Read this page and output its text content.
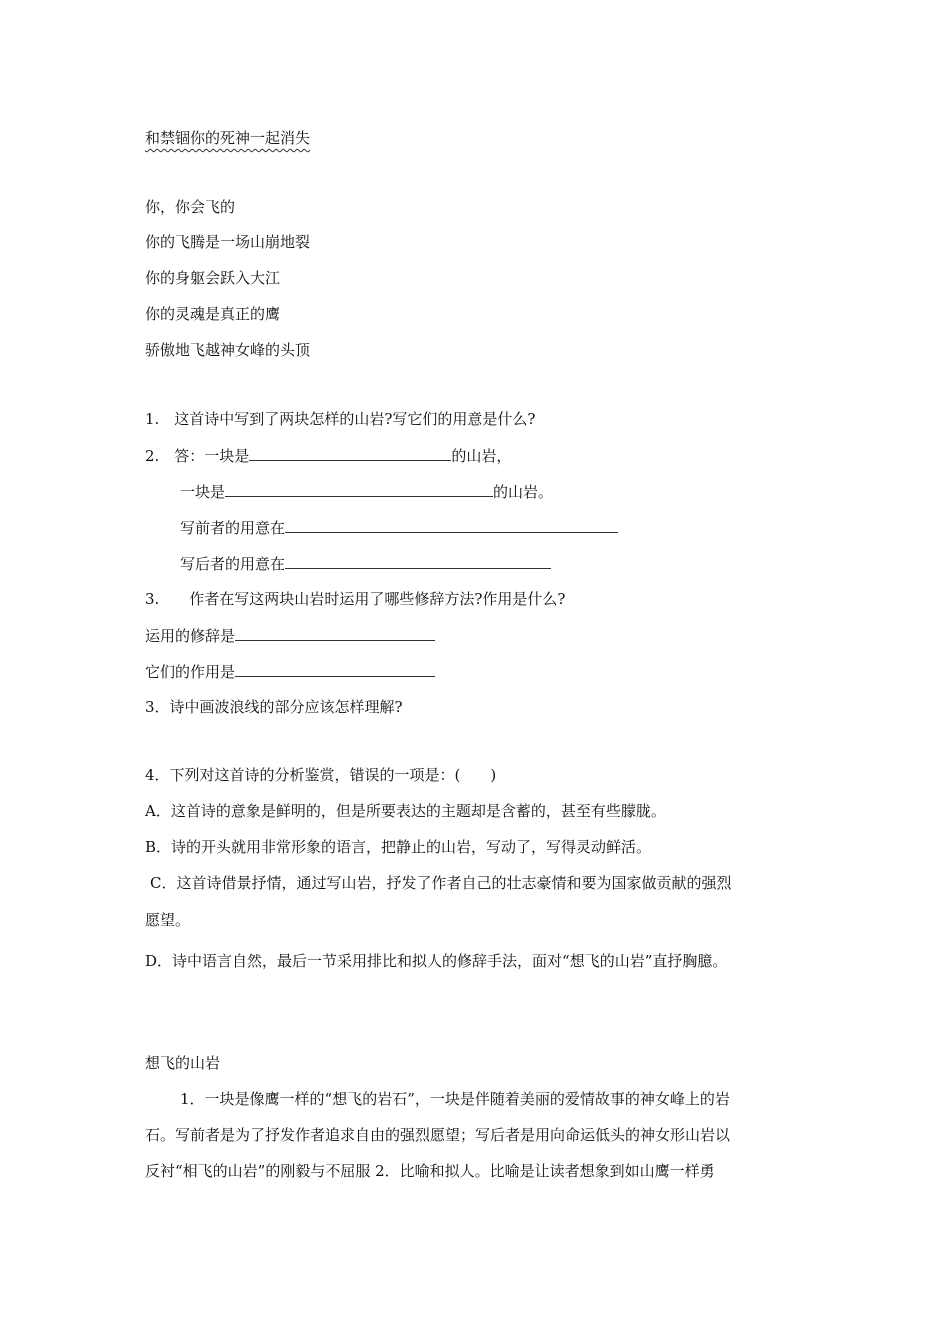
和禁锢你的死神一起消失
你，你会飞的
你的飞腾是一场山崩地裂
你的身躯会跃入大江
你的灵魂是真正的鹰
骄傲地飞越神女峰的头顶
1.　这首诗中写到了两块怎样的山岩?写它们的用意是什么?
2.　答：一块是	的山岩，
一块是	的山岩。
写前者的用意在
写后者的用意在
3.　　作者在写这两块山岩时运用了哪些修辞方法?作用是什么?
运用的修辞是
它们的作用是
3．诗中画波浪线的部分应该怎样理解?
4．下列对这首诗的分析鉴赏，错误的一项是：(　　)
A．这首诗的意象是鲜明的，但是所要表达的主题却是含蓄的，甚至有些朦胧。
B．诗的开头就用非常形象的语言，把静止的山岩，写动了，写得灵动鲜活。
C．这首诗借景抒情，通过写山岩，抒发了作者自己的壮志豪情和要为国家做贡献的强烈
愿望。
D．诗中语言自然，最后一节采用排比和拟人的修辞手法，面对“想飞的山岩”直抒胸臆。
想飞的山岩
1．一块是像鹰一样的“想飞的岩石”，一块是伴随着美丽的爱情故事的神女峰上的岩
石。写前者是为了抒发作者追求自由的强烈愿望；写后者是用向命运低头的神女形山岩以
反衬“相飞的山岩”的刚毅与不屈服 2．比喻和拟人。比喻是让读者想象到如山鹰一样勇
